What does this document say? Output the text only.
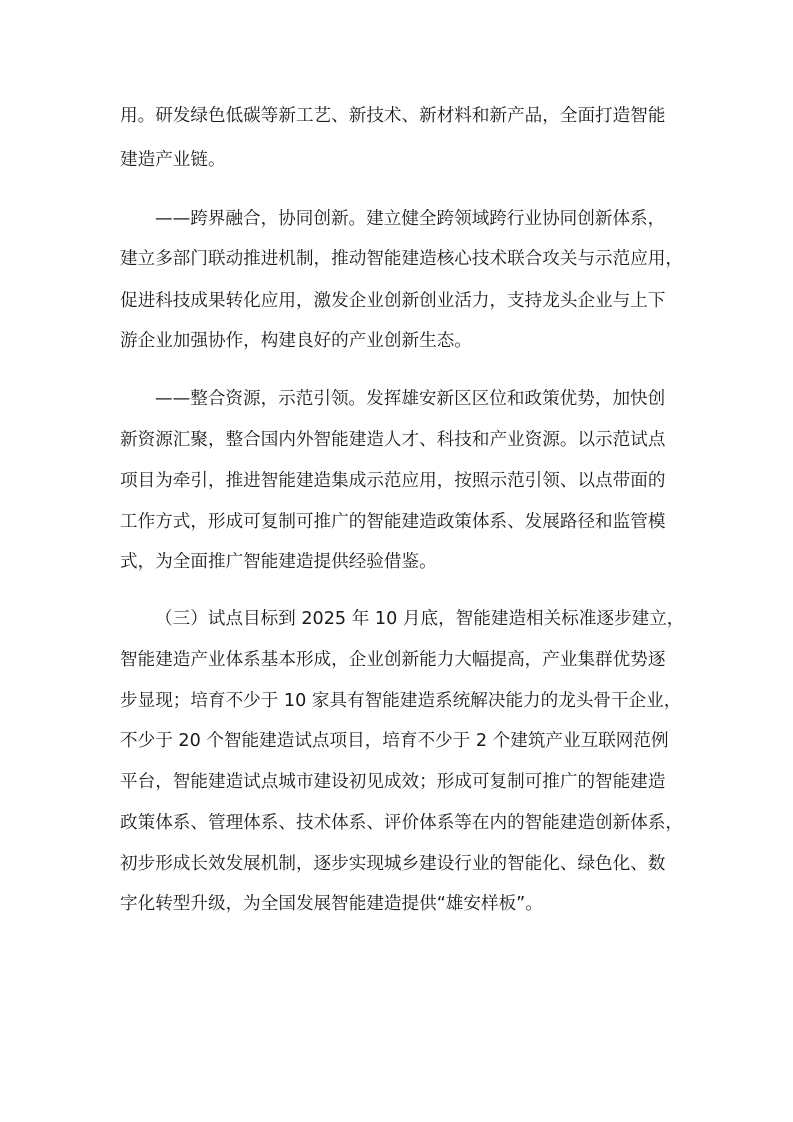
用。研发绿色低碳等新工艺、新技术、新材料和新产品，全面打造智能
建造产业链。
——跨界融合，协同创新。建立健全跨领域跨行业协同创新体系，
建立多部门联动推进机制，推动智能建造核心技术联合攻关与示范应用，
促进科技成果转化应用，激发企业创新创业活力，支持龙头企业与上下
游企业加强协作，构建良好的产业创新生态。
——整合资源，示范引领。发挥雄安新区区位和政策优势，加快创
新资源汇聚，整合国内外智能建造人才、科技和产业资源。以示范试点
项目为牵引，推进智能建造集成示范应用，按照示范引领、以点带面的
工作方式，形成可复制可推广的智能建造政策体系、发展路径和监管模
式，为全面推广智能建造提供经验借鉴。
（三）试点目标到 2025 年 10 月底，智能建造相关标准逐步建立，
智能建造产业体系基本形成，企业创新能力大幅提高，产业集群优势逐
步显现；培育不少于 10 家具有智能建造系统解决能力的龙头骨干企业，
不少于 20 个智能建造试点项目，培育不少于 2 个建筑产业互联网范例
平台，智能建造试点城市建设初见成效；形成可复制可推广的智能建造
政策体系、管理体系、技术体系、评价体系等在内的智能建造创新体系，
初步形成长效发展机制，逐步实现城乡建设行业的智能化、绿色化、数
字化转型升级，为全国发展智能建造提供“雄安样板”。
